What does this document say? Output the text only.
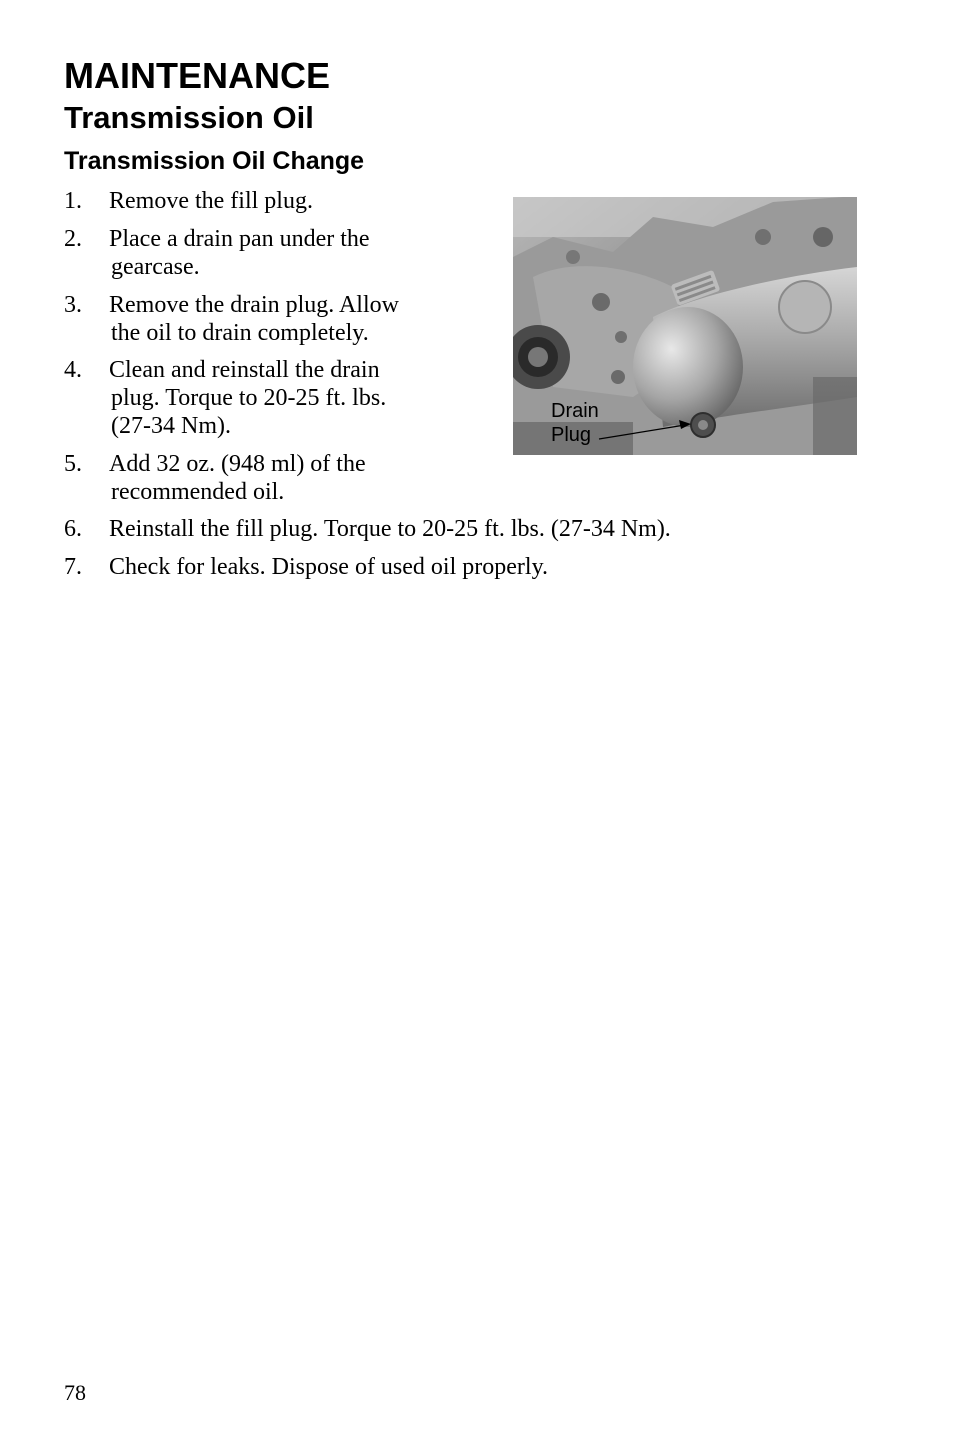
MAINTENANCE
Transmission Oil
Transmission Oil Change
1.	Remove the fill plug.
2.	Place a drain pan under the
gearcase.
3.	Remove the drain plug. Allow
the oil to drain completely.
4.	Clean and reinstall the drain
plug. Torque to 20-25 ft. lbs.
(27-34 Nm).
5.	Add 32 oz. (948 ml) of the
recommended oil.
6.	Reinstall the fill plug. Torque to 20-25 ft. lbs. (27-34 Nm).
7.	Check for leaks. Dispose of used oil properly.
Drain
Plug
78
